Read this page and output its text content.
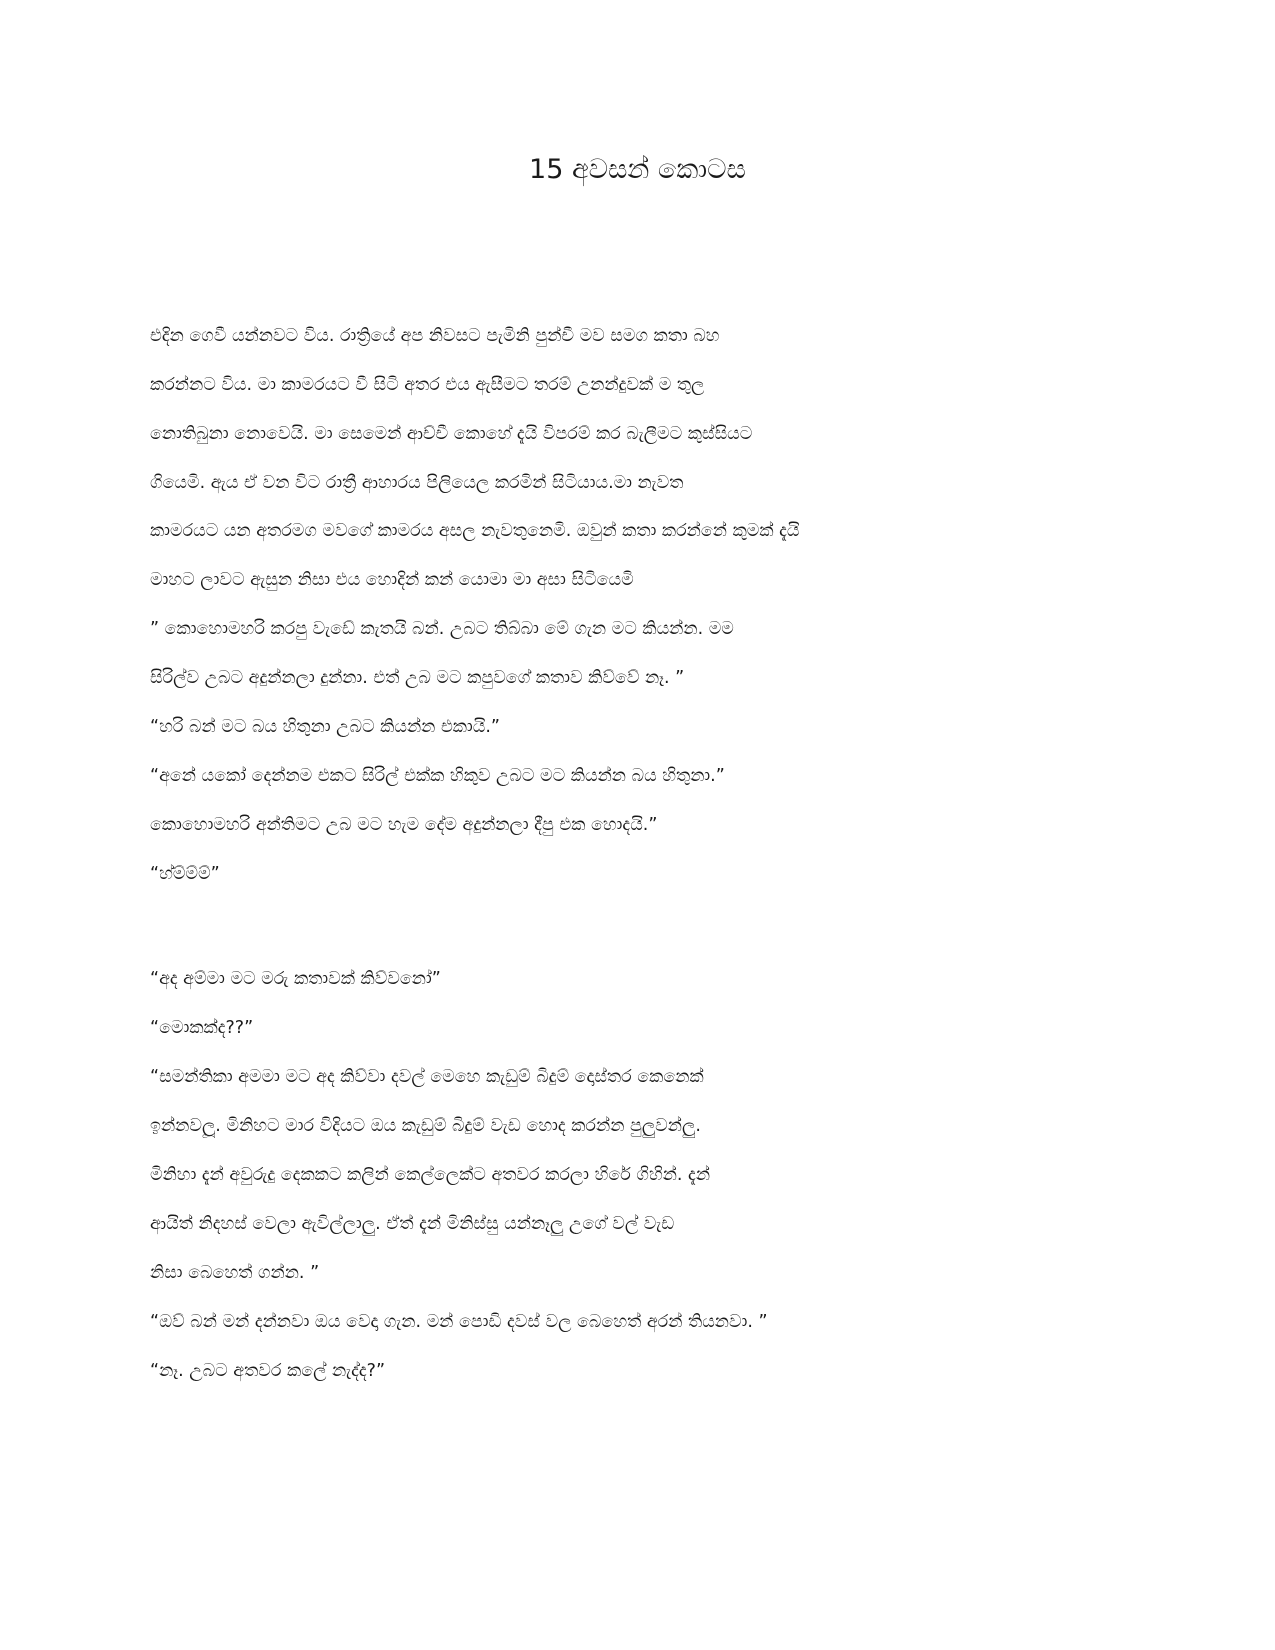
15 අවසන් කොටස
එදින ගෙවී යන්නවට විය. රාත්‍රියේ අප නිවසට පැමිනි පුන්චී මව සමග කතා බහ
කරන්නට විය. මා කාමරයට වී සිටි අතර එය ඇසීමට තරම් උනන්දුවක් ම තුල
නොතිබුනා නොවෙයි. මා සෙමෙන් ආච්චී කොහේ දැයි විපරම් කර බැලීමට කුස්සියට
ගියෙමි. ඇය ඒ වන විට රාත්‍රී ආහාරය පිලියෙල කරමින් සිටියාය.මා නැවත
කාමරයට යන අතරමග මවගේ කාමරය අසල නැවතුනෙමි. ඔවුන් කතා කරන්නේ කුමක් දැයි
මාහට ලාවට ඇසුන නිසා එය හොදින් කන් යොමා මා අසා සිටියෙමි
” කොහොමහරි කරපු වැඩේ කැතයි බන්. උබට තිබ්බා මේ ගැන මට කියන්න. මම
සිරිල්ව උබට අදුන්නලා දුන්නා. එත් උබ මට කපුවගේ කතාව කිව්වේ නෑ. ”
“හරි බන් මට බය හිතුනා උබට කියන්න එකායි.”
“අනේ යකෝ දෙන්නම එකට සිරිල් එක්ක හිකුව උබට මට කියන්න බය හිතුනා.”
කොහොමහරි අන්තිමට උබ මට හැම දේම අදුන්නලා දීපු එක හොදයි.”
“හ්ම්ම්ම්”
“අද අම්මා මට මරු කතාවක් කිව්වනෝ”
“මොකක්ද??”
“සමන්තිකා අමමා මට අද කිව්වා දවල් මෙහෙ කැඩුම් බිදුම් දොස්තර කෙනෙක්
ඉන්නවලූ. මිනිහට මාර විදියට ඔය කැඩුම් බිදුම් වැඩ හොද කරන්න පුලුවන්ලු.
මිනිහා දැන් අවුරුදු දෙකකට කලින් කෙල්ලෙක්ට අතවර කරලා හිරේ ගිහින්. දැන්
ආයිත් නිදහස් වෙලා ඇවිල්ලාලු. ඒත් දැන් මිනිස්සු යන්නෑලු උගේ වල් වැඩ
නිසා බෙහෙත් ගන්න. ”
“ඔව් බන් මන් දන්නවා ඔය වෙදා ගැන. මන් පොඩි දවස් වල බෙහෙත් අරන් තියනවා. ”
“නෑ. උබට අතවර කලේ නැද්ද?”
